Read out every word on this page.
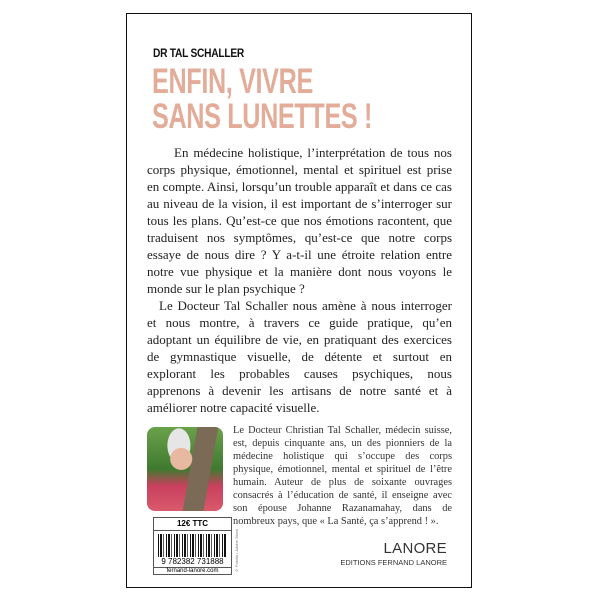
DR TAL SCHALLER
ENFIN, VIVRE
SANS LUNETTES !

En médecine holistique, l’interprétation de tous nos corps physique, émotionnel, mental et spirituel est prise en compte. Ainsi, lorsqu’un trouble apparaît et dans ce cas au niveau de la vision, il est important de s’interroger sur tous les plans. Qu’est-ce que nos émotions racontent, que traduisent nos symptômes, qu’est-ce que notre corps essaye de nous dire ? Y a-t-il une étroite relation entre notre vue physique et la manière dont nous voyons le monde sur le plan psychique ?

Le Docteur Tal Schaller nous amène à nous interroger et nous montre, à travers ce guide pratique, qu’en adoptant un équilibre de vie, en pratiquant des exercices de gymnastique visuelle, de détente et surtout en explorant les probables causes psychiques, nous apprenons à devenir les artisans de notre santé et à améliorer notre capacité visuelle.

Le Docteur Christian Tal Schaller, médecin suisse, est, depuis cinquante ans, un des pionniers de la médecine holistique qui s’occupe des corps physique, émotionnel, mental et spirituel de l’être humain. Auteur de plus de soixante ouvrages consacrés à l’éducation de santé, il enseigne avec son épouse Johanne Razanamahay, dans de nombreux pays, que « La Santé, ça s’apprend ! ».
12€ TTC
9 782382 731888
fernand-lanore.com	© Fotolia • Adobe Stock	LANORE
EDITIONS FERNAND LANORE
